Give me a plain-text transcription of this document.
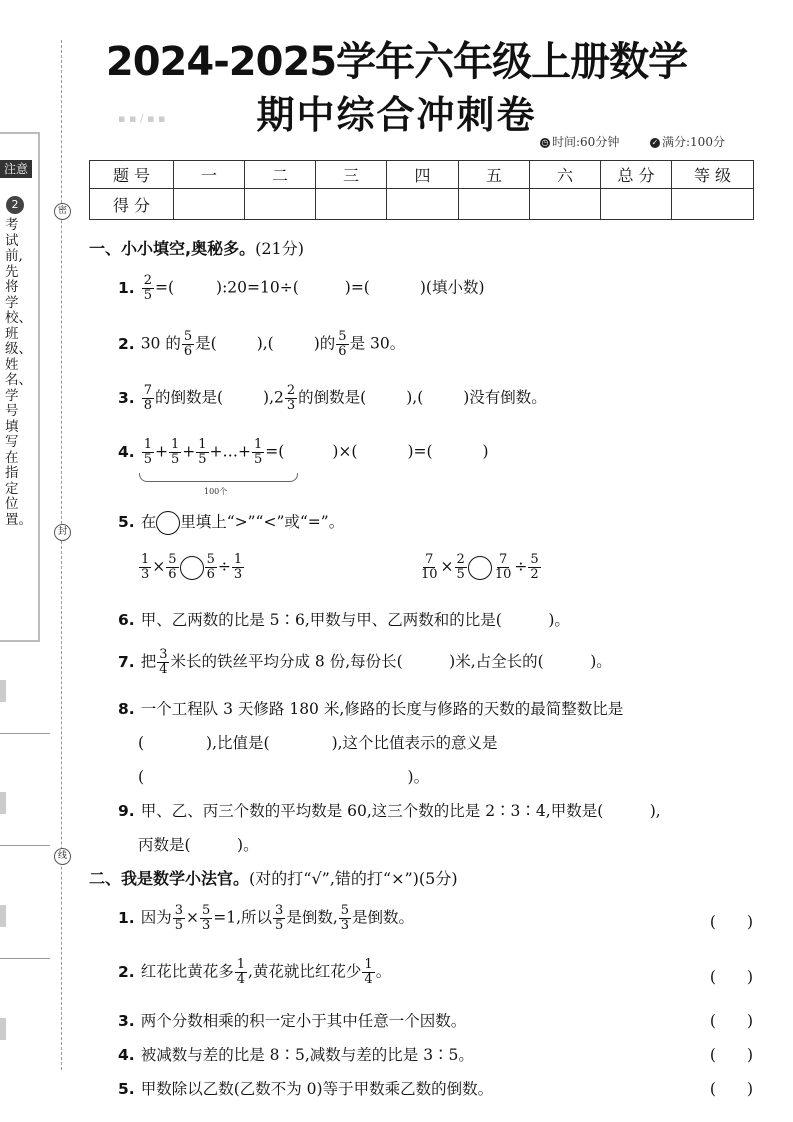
注意
2
考试前,先将学校、班级、姓名、学号填写在指定位置。
密
封
线
2024-2025学年六年级上册数学
期中综合冲刺卷
▪ ▪ / ▪ ▪
◷ 时间:60分钟	✓ 满分:100分
题 号	一	二	三	四	五	六	总 分	等 级
得 分								
一、小小填空,奥秘多。(21分)
1. $\frac{2}{5}$ =(	):20=10÷(	)=(	)(填小数)
2. 30 的 $\frac{5}{6}$ 是(	),(	)的 $\frac{5}{6}$ 是 30。
3. $\frac{7}{8}$ 的倒数是(	)$,2 \frac{2}{3}$ 的倒数是(	),(	)没有倒数。
4. $\frac{1}{5} + \frac{1}{5} + \frac{1}{5}$ +…+ $\frac{1}{5}$ =(	)×(	)=(	)
100个
5. 在 里填上“>”“<”或“=”。
$\frac{1}{3} \times \frac{5}{6} \frac{5}{6} \div \frac{1}{3}$	$\frac{7}{10} \times \frac{2}{5} \frac{7}{10} \div \frac{5}{2}$
6. 甲、乙两数的比是 5∶6,甲数与甲、乙两数和的比是(　　　)。
7. 把 $\frac{3}{4}$ 米长的铁丝平均分成 8 份,每份长(　　　)米,占全长的(　　　)。
8. 一个工程队 3 天修路 180 米,修路的长度与修路的天数的最简整数比是
(　　　　),比值是(　　　　),这个比值表示的意义是
(　　　　　　　　　　　　　　　　　)。
9. 甲、乙、丙三个数的平均数是 60,这三个数的比是 2∶3∶4,甲数是(　　　),
丙数是(　　　)。
二、我是数学小法官。(对的打“√”,错的打“×”)(5分)
1. 因为 $\frac{3}{5} \times \frac{5}{3} =1$,所以 $\frac{3}{5}$ 是倒数, $\frac{5}{3}$ 是倒数。	(　　)
2. 红花比黄花多 $\frac{1}{4}$ ,黄花就比红花少 $\frac{1}{4}$ 。	(　　)
3. 两个分数相乘的积一定小于其中任意一个因数。	(　　)
4. 被减数与差的比是 8∶5,减数与差的比是 3∶5。	(　　)
5. 甲数除以乙数(乙数不为 0)等于甲数乘乙数的倒数。	(　　)
